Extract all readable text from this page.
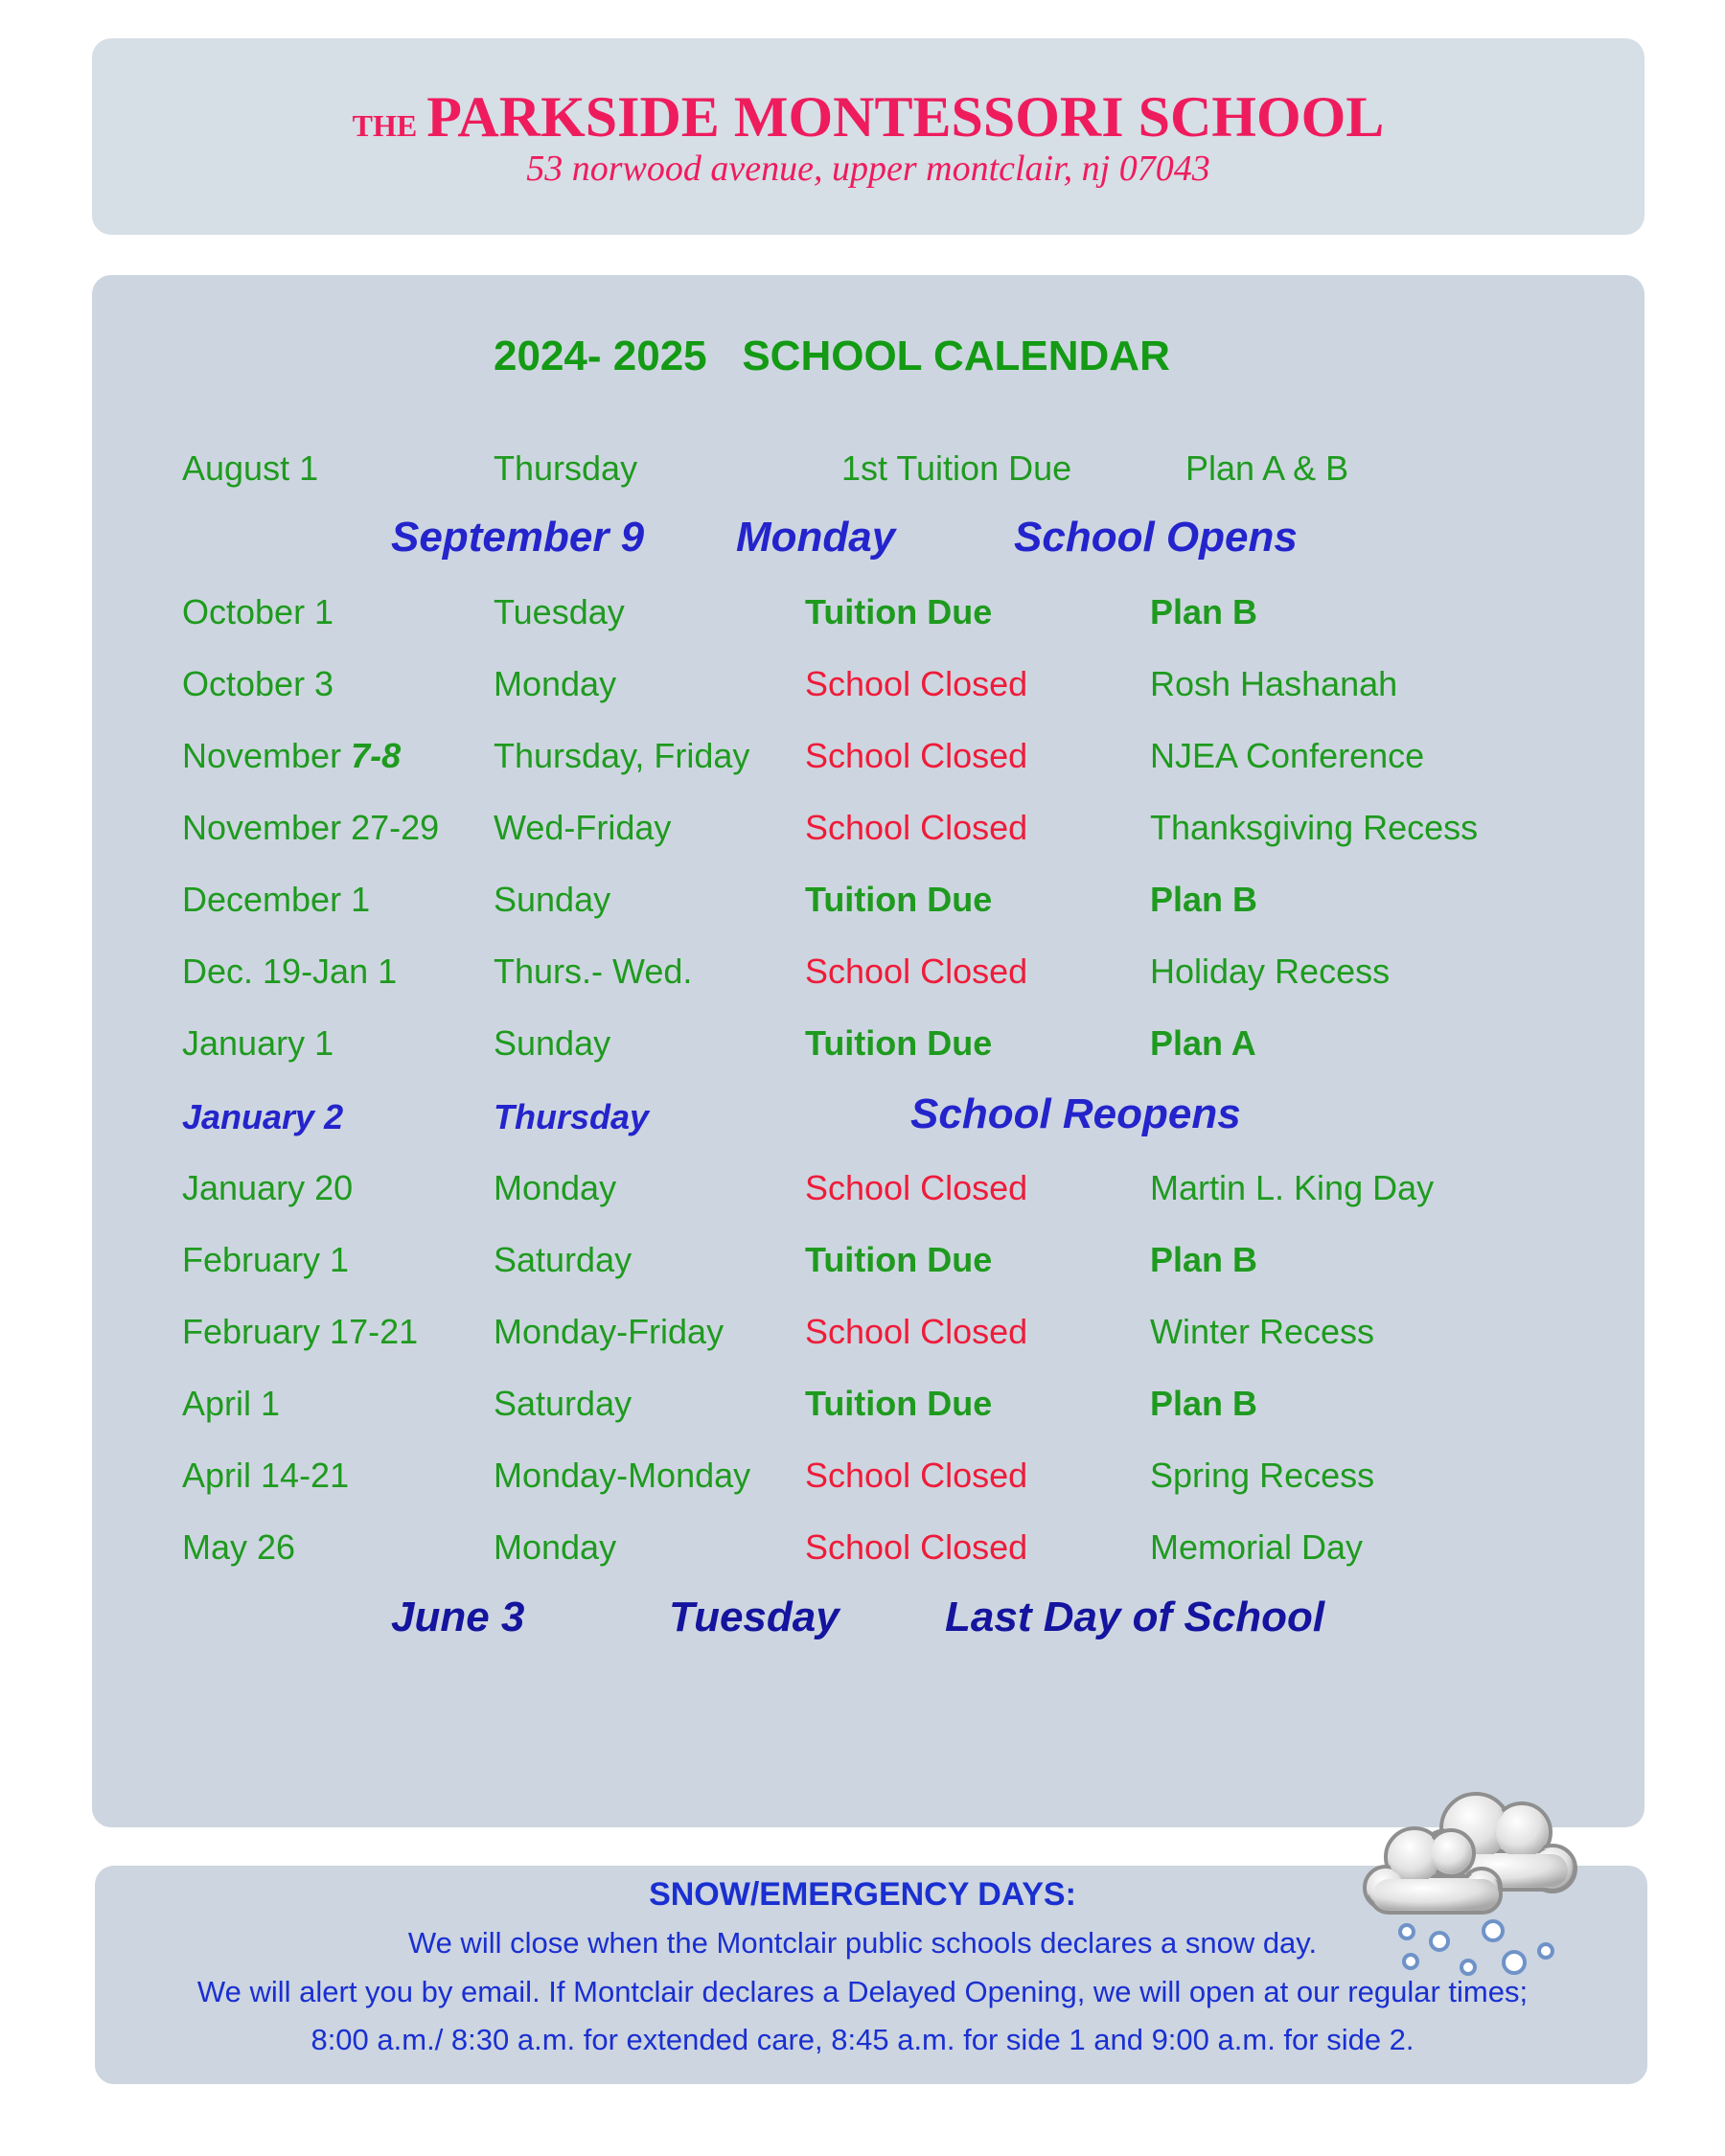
THE PARKSIDE MONTESSORI SCHOOL
53 norwood avenue, upper montclair, nj 07043
2024- 2025   SCHOOL CALENDAR
August 1	Thursday	1st Tuition Due	Plan A & B
September 9 Monday	School Opens
October 1	Tuesday	Tuition Due	Plan B
October 3	Monday	School Closed	Rosh Hashanah
November 7-8	Thursday, Friday School Closed	NJEA Conference
November 27-29 Wed-Friday	School Closed	Thanksgiving Recess
December 1	Sunday	Tuition Due	Plan B
Dec. 19-Jan 1	Thurs.- Wed.	School Closed	Holiday Recess
January 1	Sunday	Tuition Due	Plan A
January 2	Thursday	School Reopens
January 20	Monday	School Closed	Martin L. King Day
February 1	Saturday	Tuition Due	Plan B
February 17-21 Monday-Friday School Closed	Winter Recess
April 1	Saturday	Tuition Due	Plan B
April 14-21	Monday-Monday School Closed	Spring Recess
May 26	Monday	School Closed	Memorial Day
June 3	Tuesday	Last Day of School
SNOW/EMERGENCY DAYS:
We will close when the Montclair public schools declares a snow day.
We will alert you by email. If Montclair declares a Delayed Opening, we will open at our regular times;
8:00 a.m./ 8:30 a.m. for extended care, 8:45 a.m. for side 1 and 9:00 a.m. for side 2.
